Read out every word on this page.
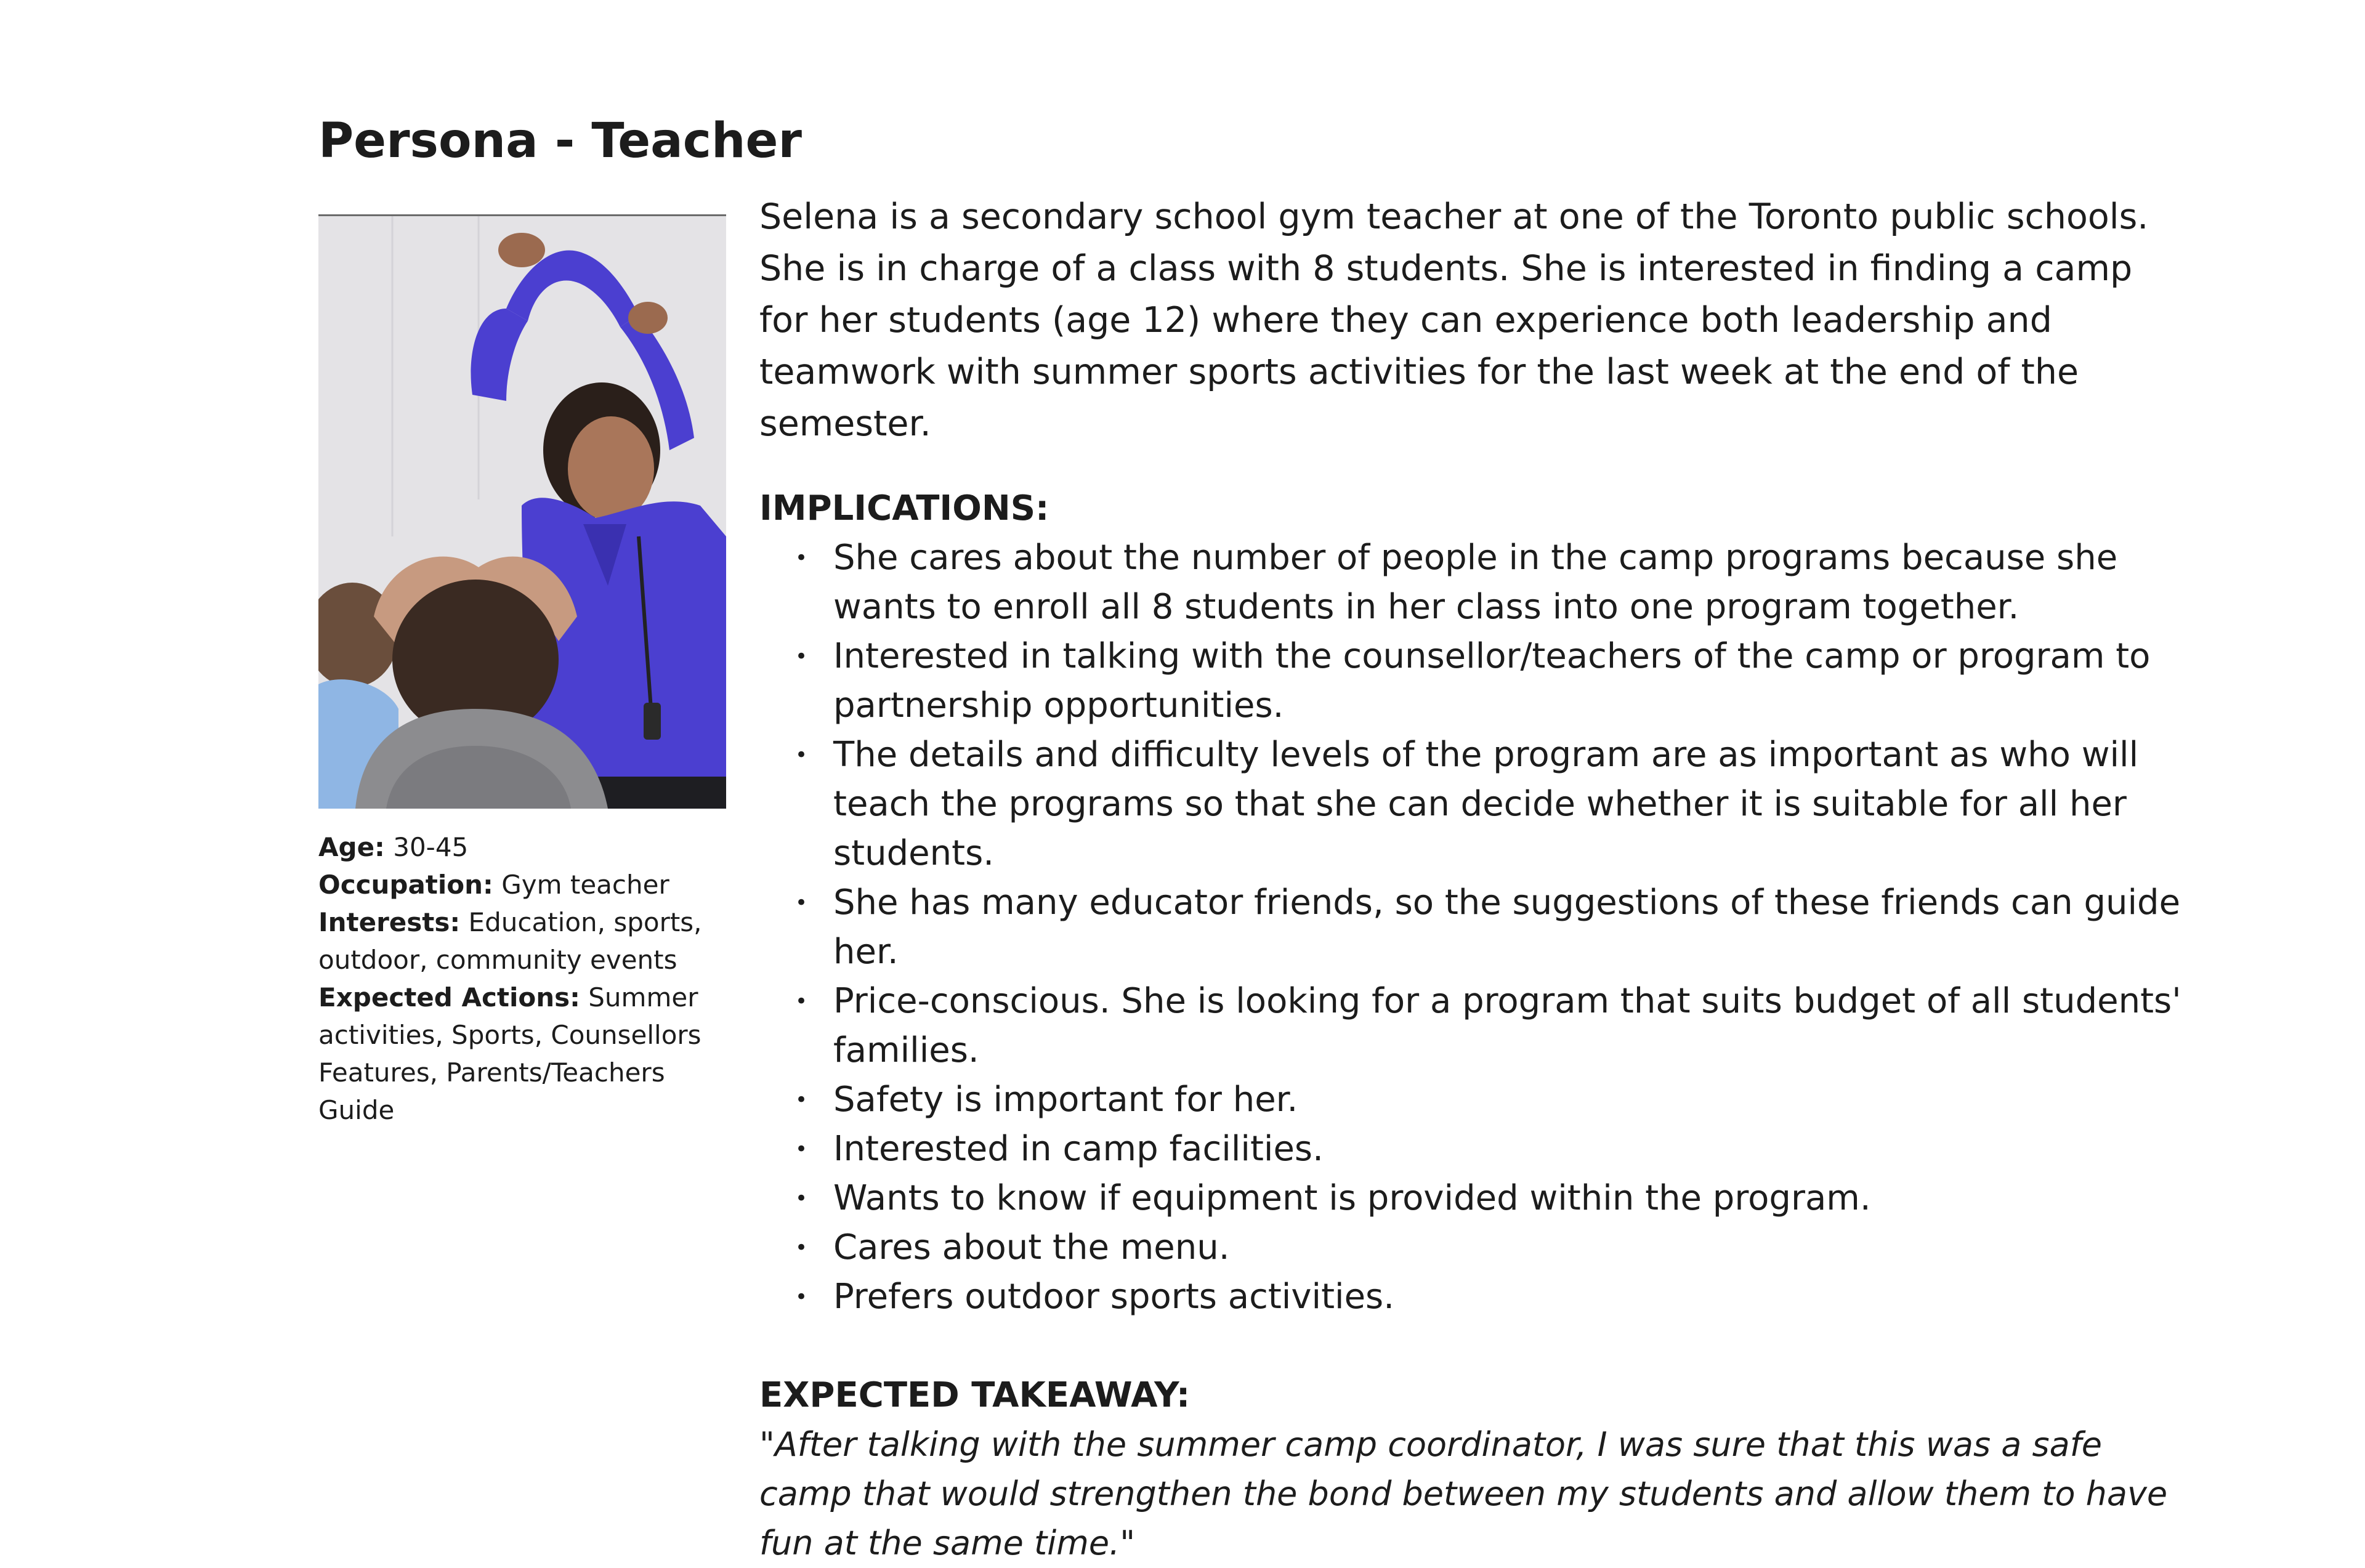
Persona - Teacher

Age: 30-45

Occupation: Gym teacher

Interests: Education, sports, outdoor, community events

Expected Actions: Summer activities, Sports, Counsellors Features, Parents/Teachers Guide

Selena is a secondary school gym teacher at one of the Toronto public schools. She is in charge of a class with 8 students. She is interested in finding a camp for her students (age 12) where they can experience both leadership and teamwork with summer sports activities for the last week at the end of the semester.

IMPLICATIONS:
• She cares about the number of people in the camp programs because she wants to enroll all 8 students in her class into one program together.
• Interested in talking with the counsellor/teachers of the camp or program to partnership opportunities.
• The details and difficulty levels of the program are as important as who will teach the programs so that she can decide whether it is suitable for all her students.
• She has many educator friends, so the suggestions of these friends can guide her.
• Price-conscious. She is looking for a program that suits budget of all students' families.
• Safety is important for her.
• Interested in camp facilities.
• Wants to know if equipment is provided within the program.
• Cares about the menu.
• Prefers outdoor sports activities.
EXPECTED TAKEAWAY:

"After talking with the summer camp coordinator, I was sure that this was a safe camp that would strengthen the bond between my students and allow them to have fun at the same time."
